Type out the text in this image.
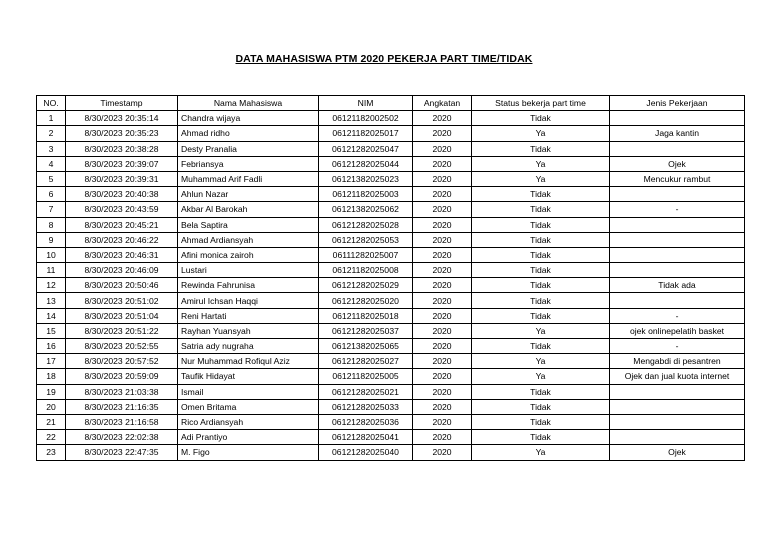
DATA MAHASISWA PTM 2020 PEKERJA PART TIME/TIDAK
NO.	Timestamp	Nama Mahasiswa	NIM	Angkatan	Status bekerja part time	Jenis Pekerjaan
1	8/30/2023 20:35:14	Chandra wijaya	06121182002502	2020	Tidak	
2	8/30/2023 20:35:23	Ahmad ridho	06121182025017	2020	Ya	Jaga kantin
3	8/30/2023 20:38:28	Desty Pranalia	06121282025047	2020	Tidak	
4	8/30/2023 20:39:07	Febriansya	06121282025044	2020	Ya	Ojek
5	8/30/2023 20:39:31	Muhammad Arif Fadli	06121382025023	2020	Ya	Mencukur rambut
6	8/30/2023 20:40:38	Ahlun Nazar	06121182025003	2020	Tidak	
7	8/30/2023 20:43:59	Akbar Al Barokah	06121382025062	2020	Tidak	-
8	8/30/2023 20:45:21	Bela Saptira	06121282025028	2020	Tidak	
9	8/30/2023 20:46:22	Ahmad Ardiansyah	06121282025053	2020	Tidak	
10	8/30/2023 20:46:31	Afini monica zairoh	06111282025007	2020	Tidak	
11	8/30/2023 20:46:09	Lustari	06121182025008	2020	Tidak	
12	8/30/2023 20:50:46	Rewinda Fahrunisa	06121282025029	2020	Tidak	Tidak ada
13	8/30/2023 20:51:02	Amirul Ichsan Haqqi	06121282025020	2020	Tidak	
14	8/30/2023 20:51:04	Reni Hartati	06121182025018	2020	Tidak	-
15	8/30/2023 20:51:22	Rayhan Yuansyah	06121282025037	2020	Ya	ojek onlinepelatih basket
16	8/30/2023 20:52:55	Satria ady nugraha	06121382025065	2020	Tidak	-
17	8/30/2023 20:57:52	Nur Muhammad Rofiqul Aziz	06121282025027	2020	Ya	Mengabdi di pesantren
18	8/30/2023 20:59:09	Taufik Hidayat	06121182025005	2020	Ya	Ojek dan jual kuota internet
19	8/30/2023 21:03:38	Ismail	06121282025021	2020	Tidak	
20	8/30/2023 21:16:35	Omen Britama	06121282025033	2020	Tidak	
21	8/30/2023 21:16:58	Rico Ardiansyah	06121282025036	2020	Tidak	
22	8/30/2023 22:02:38	Adi Prantiyo	06121282025041	2020	Tidak	
23	8/30/2023 22:47:35	M. Figo	06121282025040	2020	Ya	Ojek
